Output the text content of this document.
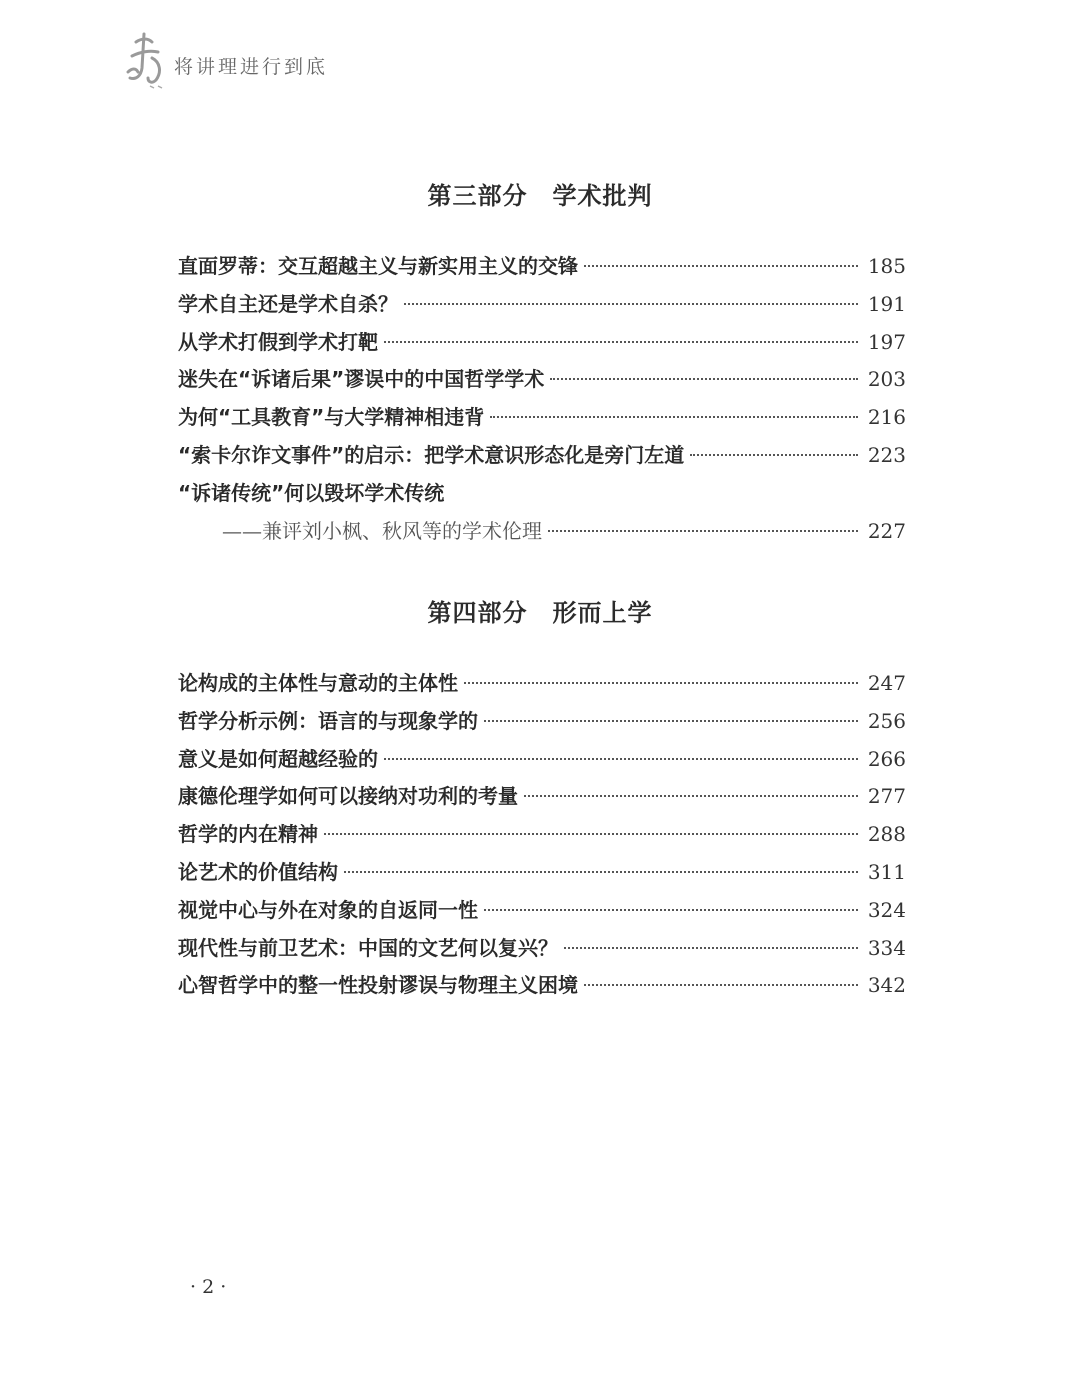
将讲理进行到底
第三部分　学术批判
直面罗蒂：交互超越主义与新实用主义的交锋	185
学术自主还是学术自杀？	191
从学术打假到学术打靶	197
迷失在“诉诸后果”谬误中的中国哲学学术	203
为何“工具教育”与大学精神相违背	216
“索卡尔诈文事件”的启示：把学术意识形态化是旁门左道	223
“诉诸传统”何以毁坏学术传统
——兼评刘小枫、秋风等的学术伦理	227
第四部分　形而上学
论构成的主体性与意动的主体性	247
哲学分析示例：语言的与现象学的	256
意义是如何超越经验的	266
康德伦理学如何可以接纳对功利的考量	277
哲学的内在精神	288
论艺术的价值结构	311
视觉中心与外在对象的自返同一性	324
现代性与前卫艺术：中国的文艺何以复兴？	334
心智哲学中的整一性投射谬误与物理主义困境	342
· 2 ·
